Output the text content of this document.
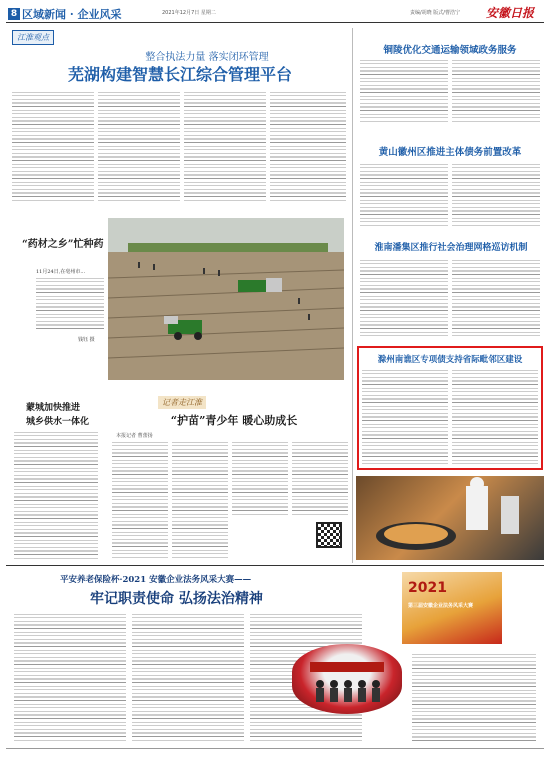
8 区域新闻 · 企业风采	2021年12月7日 星期二	责编/胡晓 版式/曹浩宁 安徽日报
江淮观点
整合执法力量 落实闭环管理
芜湖构建智慧长江综合管理平台
“药材之乡”忙种药
11月24日,在亳州市...
钱钰 摄
铜陵优化交通运输领域政务服务
黄山徽州区推进主体债务前置改革
淮南潘集区推行社会治理网格巡访机制
滁州南谯区专项债支持省际毗邻区建设
蒙城加快推进
城乡供水一体化
记者走江淮
“护苗”青少年 暖心助成长
本报记者 曹蕾扬
平安养老保险杯·2021 安徽企业法务风采大赛——
牢记职责使命 弘扬法治精神
2021
第三届安徽企业法务风采大赛
